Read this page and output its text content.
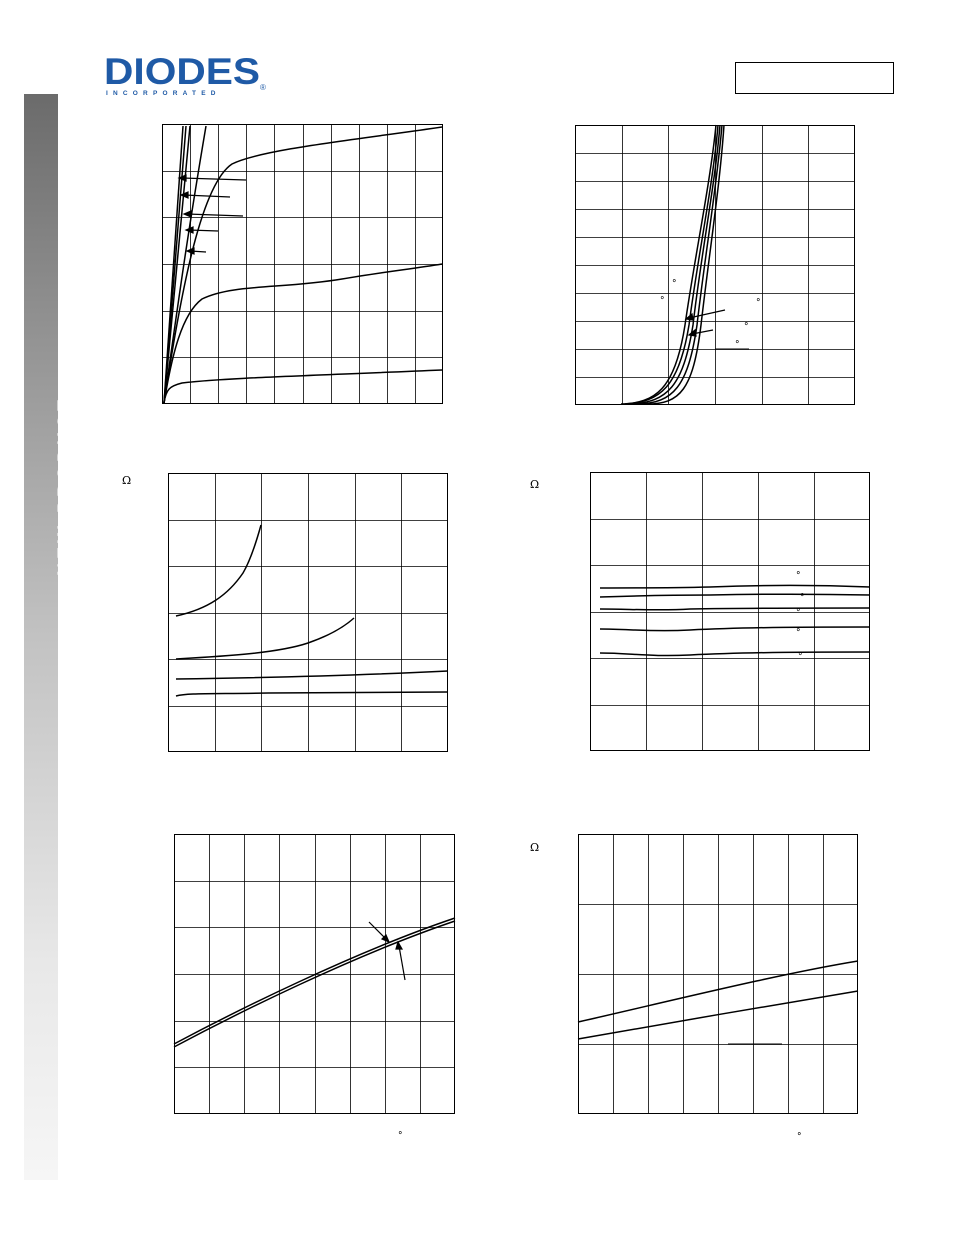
NEW PRODUCT
DIODES
INCORPORATED
®
Ω	Ω
Ω
°	°
°
°	°
°
°
°
°
°
°
°
